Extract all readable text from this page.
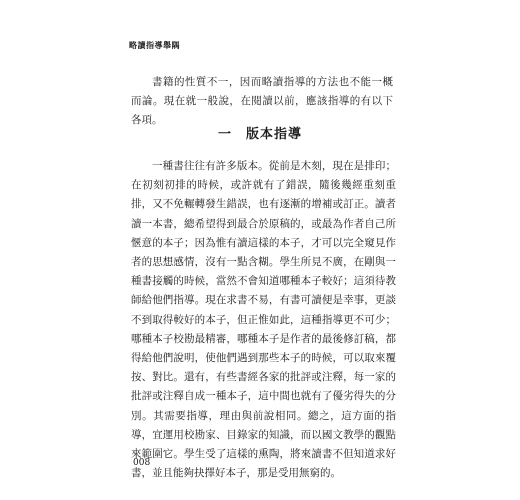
略讀指導舉隅

書籍的性質不一，因而略讀指導的方法也不能一概而論。現在就一般說，在閱讀以前，應該指導的有以下各項。

一 版本指導

一種書往往有許多版本。從前是木刻，現在是排印；在初刻初排的時候，或許就有了錯誤，隨後幾經重刻重排，又不免輾轉發生錯誤，也有逐漸的增補或訂正。讀者讀一本書，總希望得到最合於原稿的，或最為作者自己所愜意的本子；因為惟有讀這樣的本子，才可以完全窺見作者的思想感情，沒有一點含糊。學生所見不廣，在剛與一種書接觸的時候，當然不會知道哪種本子較好；這須待教師給他們指導。現在求書不易，有書可讀便是幸事，更談不到取得較好的本子，但正惟如此，這種指導更不可少；哪種本子校勘最精審，哪種本子是作者的最後修訂稿，都得給他們說明，使他們遇到那些本子的時候，可以取來覆按、對比。還有，有些書經各家的批評或注釋，每一家的批評或注釋自成一種本子，這中間也就有了優劣得失的分別。其需要指導，理由與前說相同。總之，這方面的指導，宜運用校勘家、目錄家的知識，而以國文教學的觀點來範圍它。學生受了這樣的熏陶，將來讀書不但知道求好書，並且能夠抉擇好本子，那是受用無窮的。

008
